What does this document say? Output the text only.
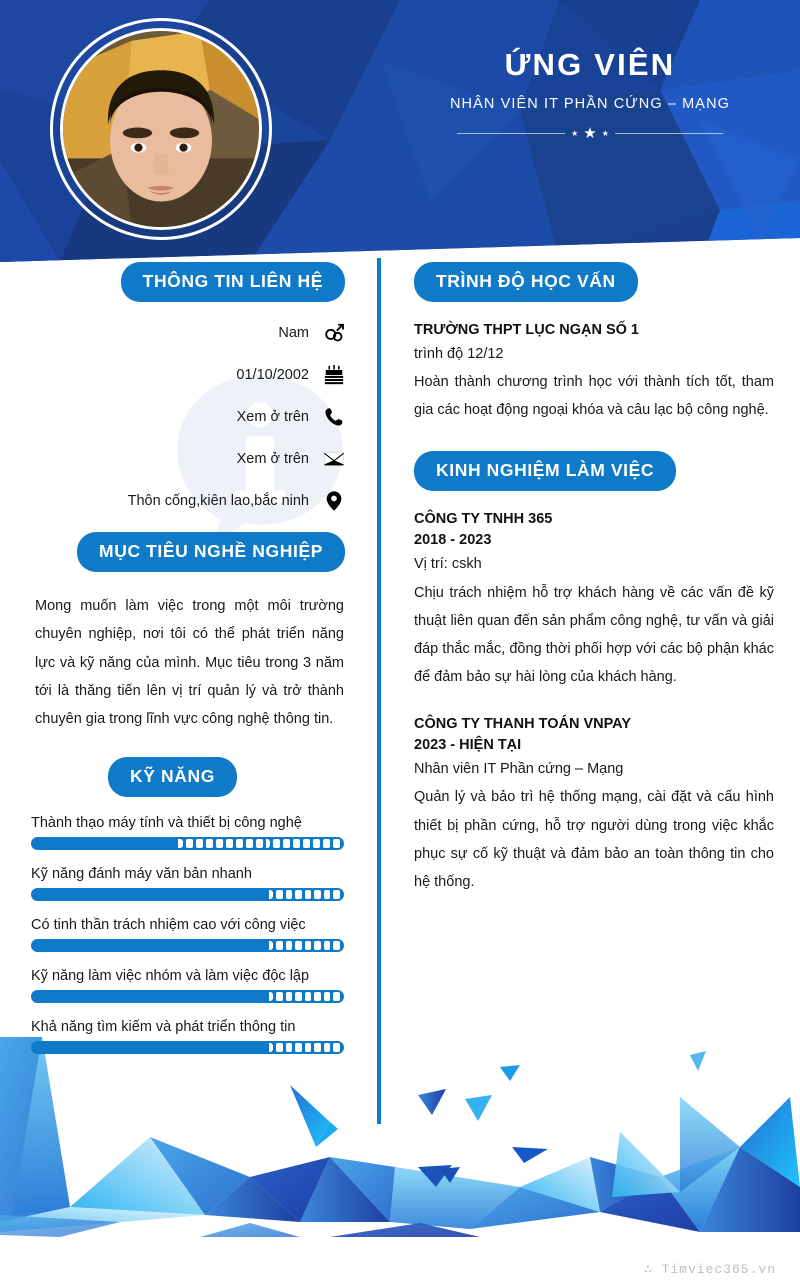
ỨNG VIÊN
NHÂN VIÊN IT PHẦN CỨNG – MẠNG
★ ★ ★
THÔNG TIN LIÊN HỆ
Nam
01/10/2002
Xem ở trên
Xem ở trên
Thôn cống,kiên lao,bắc ninh
MỤC TIÊU NGHỀ NGHIỆP

Mong muốn làm việc trong một môi trường chuyên nghiệp, nơi tôi có thể phát triển năng lực và kỹ năng của mình. Mục tiêu trong 3 năm tới là thăng tiến lên vị trí quản lý và trở thành chuyên gia trong lĩnh vực công nghệ thông tin.

KỸ NĂNG
Thành thạo máy tính và thiết bị công nghệ
Kỹ năng đánh máy văn bản nhanh
Có tinh thần trách nhiệm cao với công việc
Kỹ năng làm việc nhóm và làm việc độc lập
Khả năng tìm kiếm và phát triển thông tin
TRÌNH ĐỘ HỌC VẤN
TRƯỜNG THPT LỤC NGẠN SỐ 1
trình độ 12/12

Hoàn thành chương trình học với thành tích tốt, tham gia các hoạt động ngoại khóa và câu lạc bộ công nghệ.

KINH NGHIỆM LÀM VIỆC
CÔNG TY TNHH 365
2018 - 2023
Vị trí: cskh

Chịu trách nhiệm hỗ trợ khách hàng về các vấn đề kỹ thuật liên quan đến sản phẩm công nghệ, tư vấn và giải đáp thắc mắc, đồng thời phối hợp với các bộ phận khác để đảm bảo sự hài lòng của khách hàng.

CÔNG TY THANH TOÁN VNPAY
2023 - HIỆN TẠI
Nhân viên IT Phần cứng – Mạng

Quản lý và bảo trì hệ thống mạng, cài đặt và cấu hình thiết bị phần cứng, hỗ trợ người dùng trong việc khắc phục sự cố kỹ thuật và đảm bảo an toàn thông tin cho hệ thống.

∴ Timviec365.vn
